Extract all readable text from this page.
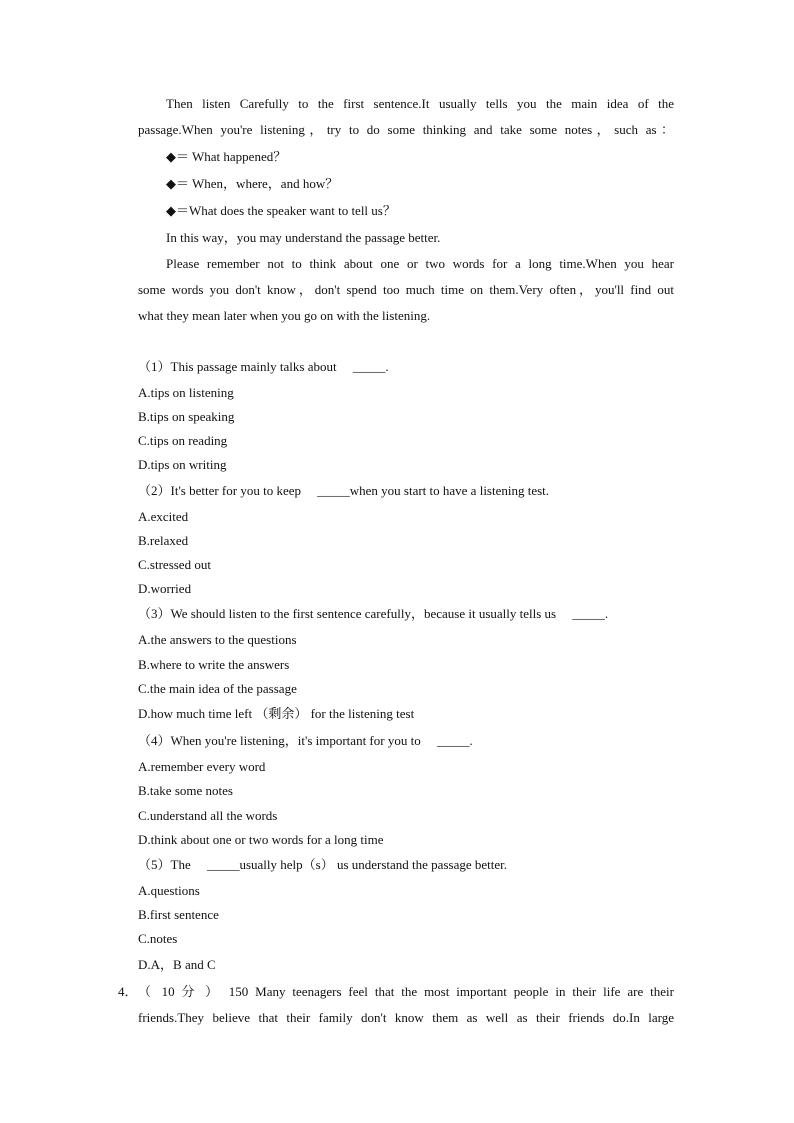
Then listen Carefully to the first sentence.It usually tells you the main idea of the
passage.When you're listening，try to do some thinking and take some notes，such as：
◆＝ What happened？
◆＝ When，where，and how？
◆＝What does the speaker want to tell us？
In this way，you may understand the passage better.
Please remember not to think about one or two words for a long time.When you hear
some words you don't know，don't spend too much time on them.Very often，you'll find out
what they mean later when you go on with the listening.
（1）This passage mainly talks about 　_____.
A.tips on listening
B.tips on speaking
C.tips on reading
D.tips on writing
（2）It's better for you to keep 　_____when you start to have a listening test.
A.excited
B.relaxed
C.stressed out
D.worried
（3）We should listen to the first sentence carefully，because it usually tells us 　_____.
A.the answers to the questions
B.where to write the answers
C.the main idea of the passage
D.how much time left （剩余） for the listening test
（4）When you're listening，it's important for you to 　_____.
A.remember every word
B.take some notes
C.understand all the words
D.think about one or two words for a long time
（5）The 　_____usually help（s） us understand the passage better.
A.questions
B.first sentence
C.notes
D.A，B and C
4． （ 10 分 ） 150 Many teenagers feel that the most important people in their life are their
friends.They believe that their family don't know them as well as their friends do.In large
